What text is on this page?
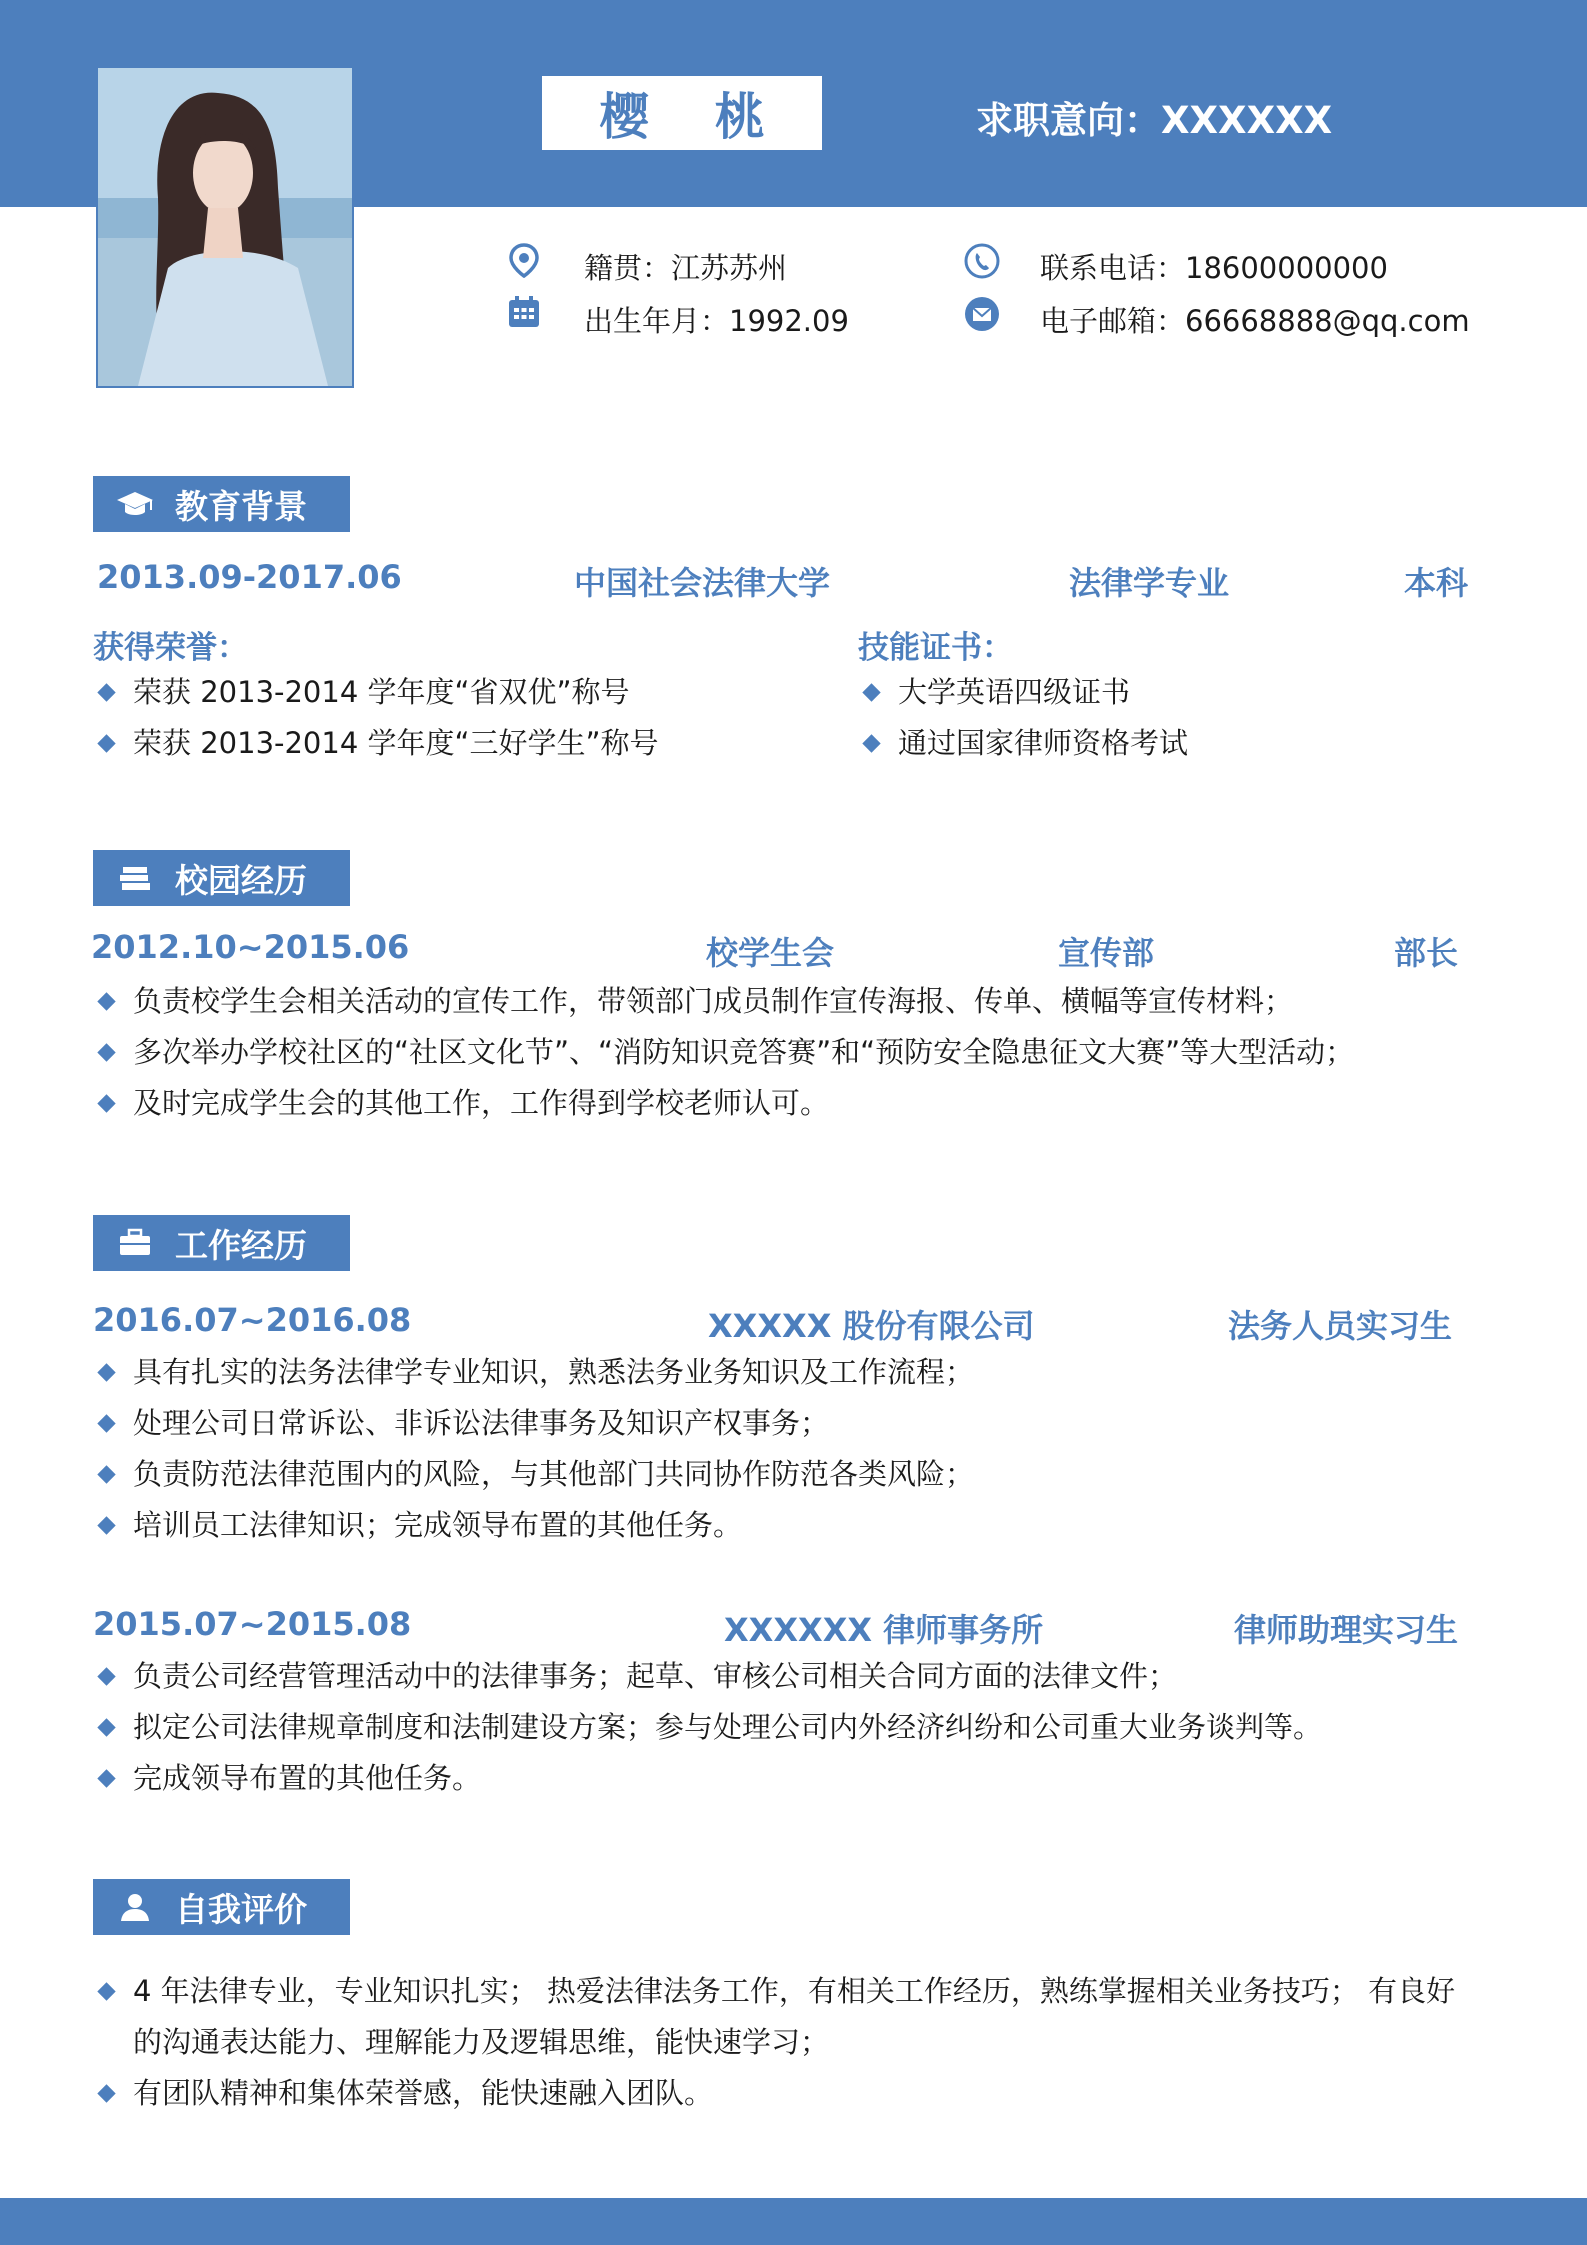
樱 桃	求职意向：XXXXXX
籍贯：江苏苏州
出生年月：1992.09
联系电话：18600000000
电子邮箱：66668888@qq.com
教育背景
2013.09-2017.06	中国社会法律大学	法律学专业	本科
获得荣誉：
荣获 2013-2014 学年度“省双优”称号
荣获 2013-2014 学年度“三好学生”称号
技能证书：
大学英语四级证书
通过国家律师资格考试
校园经历
2012.10~2015.06	校学生会	宣传部	部长
负责校学生会相关活动的宣传工作，带领部门成员制作宣传海报、传单、横幅等宣传材料；
多次举办学校社区的“社区文化节”、“消防知识竞答赛”和“预防安全隐患征文大赛”等大型活动；
及时完成学生会的其他工作，工作得到学校老师认可。
工作经历
2016.07~2016.08	XXXXX 股份有限公司	法务人员实习生
具有扎实的法务法律学专业知识，熟悉法务业务知识及工作流程；
处理公司日常诉讼、非诉讼法律事务及知识产权事务；
负责防范法律范围内的风险，与其他部门共同协作防范各类风险；
培训员工法律知识；完成领导布置的其他任务。
2015.07~2015.08	XXXXXX 律师事务所	律师助理实习生
负责公司经营管理活动中的法律事务；起草、审核公司相关合同方面的法律文件；
拟定公司法律规章制度和法制建设方案；参与处理公司内外经济纠纷和公司重大业务谈判等。
完成领导布置的其他任务。
自我评价
4 年法律专业，专业知识扎实； 热爱法律法务工作，有相关工作经历，熟练掌握相关业务技巧； 有良好的沟通表达能力、理解能力及逻辑思维，能快速学习；
有团队精神和集体荣誉感，能快速融入团队。
